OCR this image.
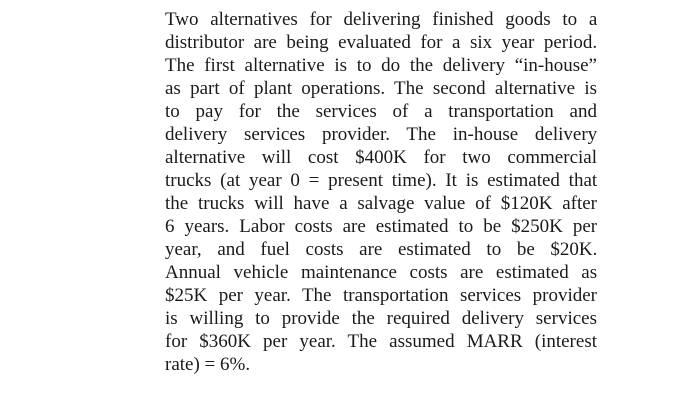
Two alternatives for delivering finished goods to a
distributor are being evaluated for a six year period.
The first alternative is to do the delivery “in-house”
as part of plant operations. The second alternative is
to pay for the services of a transportation and
delivery services provider. The in-house delivery
alternative will cost $400K for two commercial
trucks (at year 0 = present time). It is estimated that
the trucks will have a salvage value of $120K after
6 years. Labor costs are estimated to be $250K per
year, and fuel costs are estimated to be $20K.
Annual vehicle maintenance costs are estimated as
$25K per year. The transportation services provider
is willing to provide the required delivery services
for $360K per year. The assumed MARR (interest
rate) = 6%.
